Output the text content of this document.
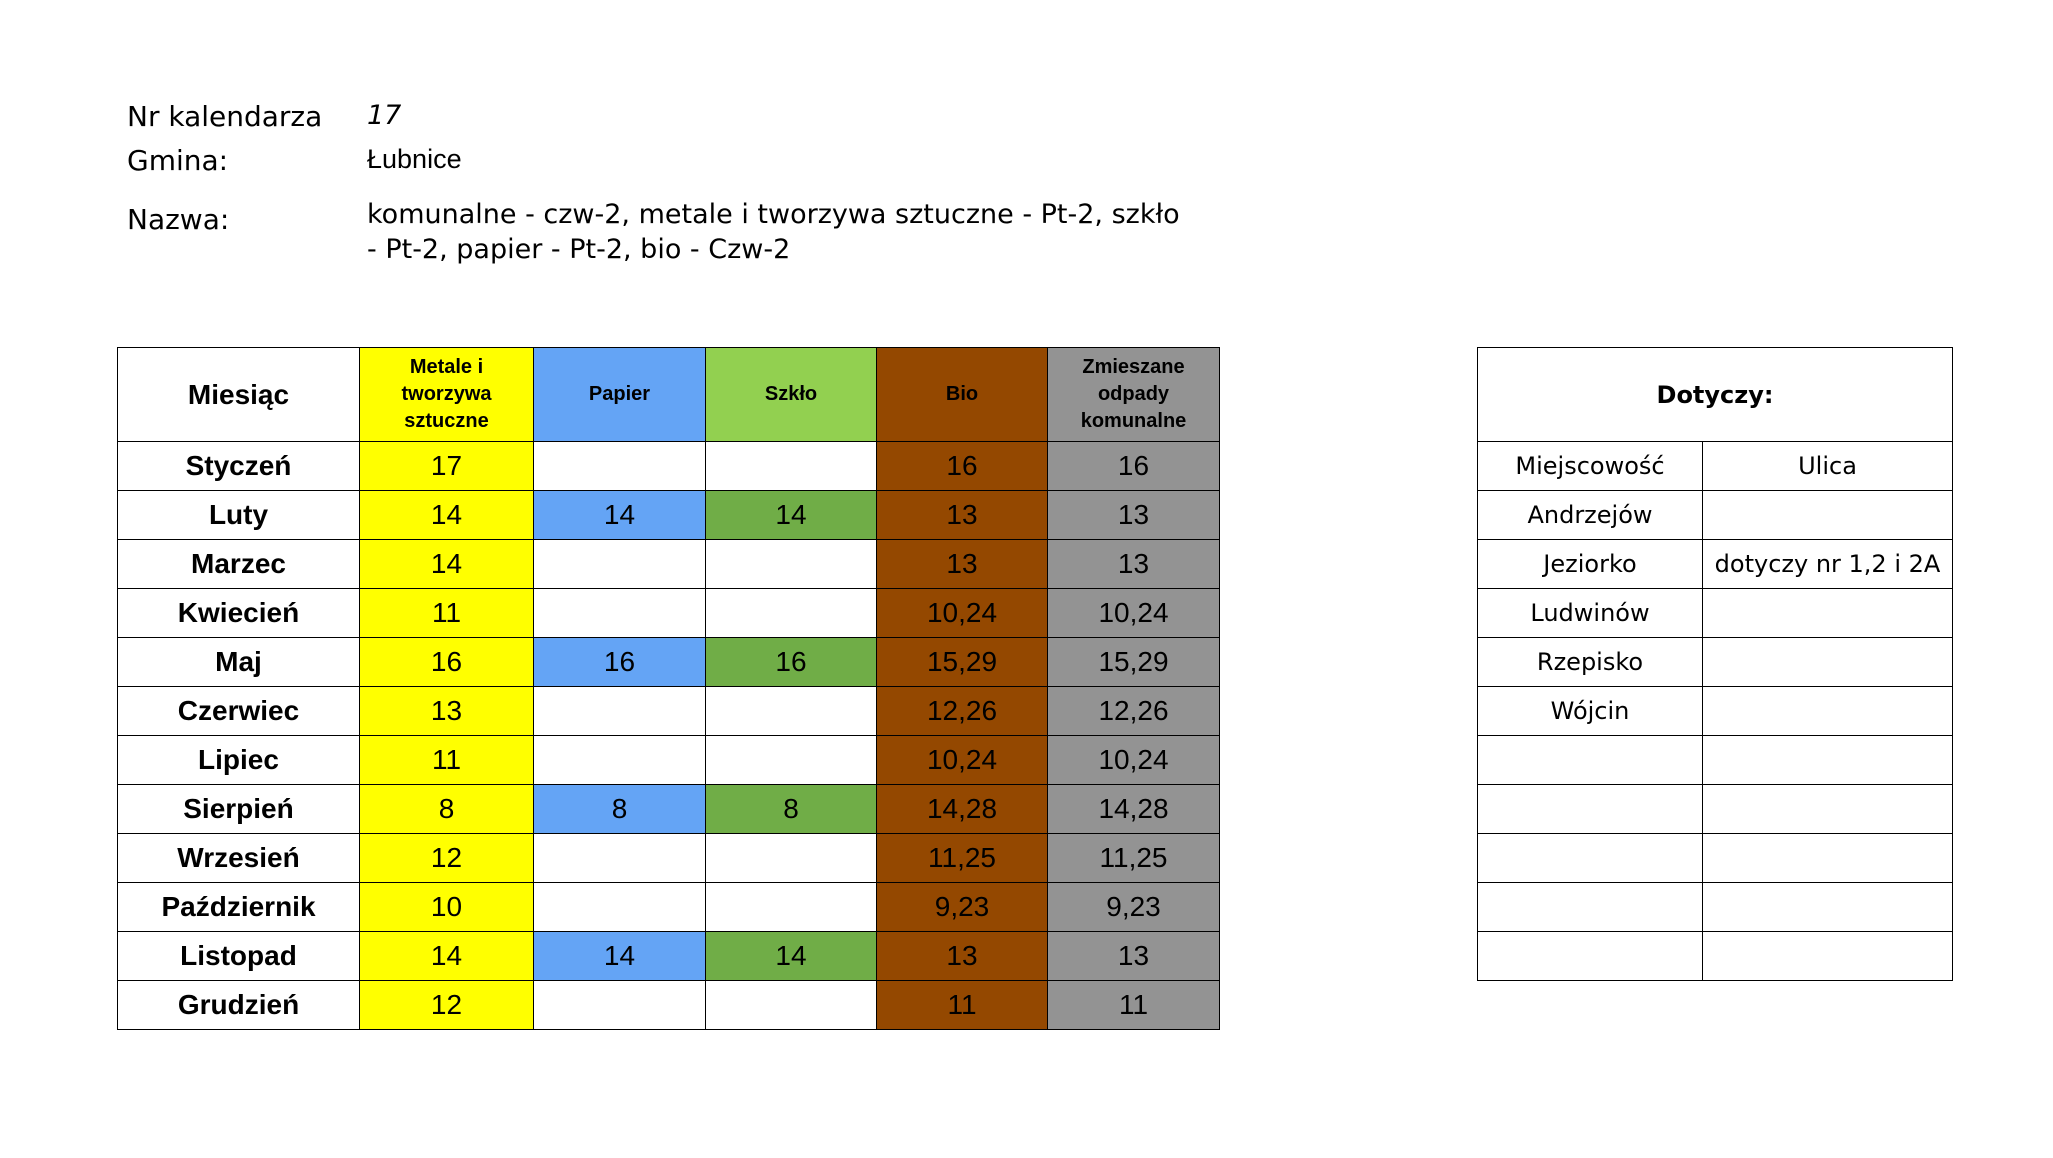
Nr kalendarza 17
Gmina:	Łubnice
Nazwa:	komunalne - czw-2, metale i tworzywa sztuczne - Pt-2, szkło - Pt-2, papier - Pt-2, bio - Czw-2
Miesiąc	Metale i tworzywa sztuczne	Papier	Szkło	Bio	Zmieszane odpady komunalne

Styczeń	17			16	16
Luty	14	14	14	13	13
Marzec	14			13	13
Kwiecień	11			10,24	10,24
Maj	16	16	16	15,29	15,29
Czerwiec	13			12,26	12,26
Lipiec	11			10,24	10,24
Sierpień	8	8	8	14,28	14,28
Wrzesień	12			11,25	11,25
Październik	10			9,23	9,23
Listopad	14	14	14	13	13
Grudzień	12			11	11
Dotyczy:	
Miejscowość	Ulica
Andrzejów	
Jeziorko	dotyczy nr 1,2 i 2A
Ludwinów	
Rzepisko	
Wójcin	
